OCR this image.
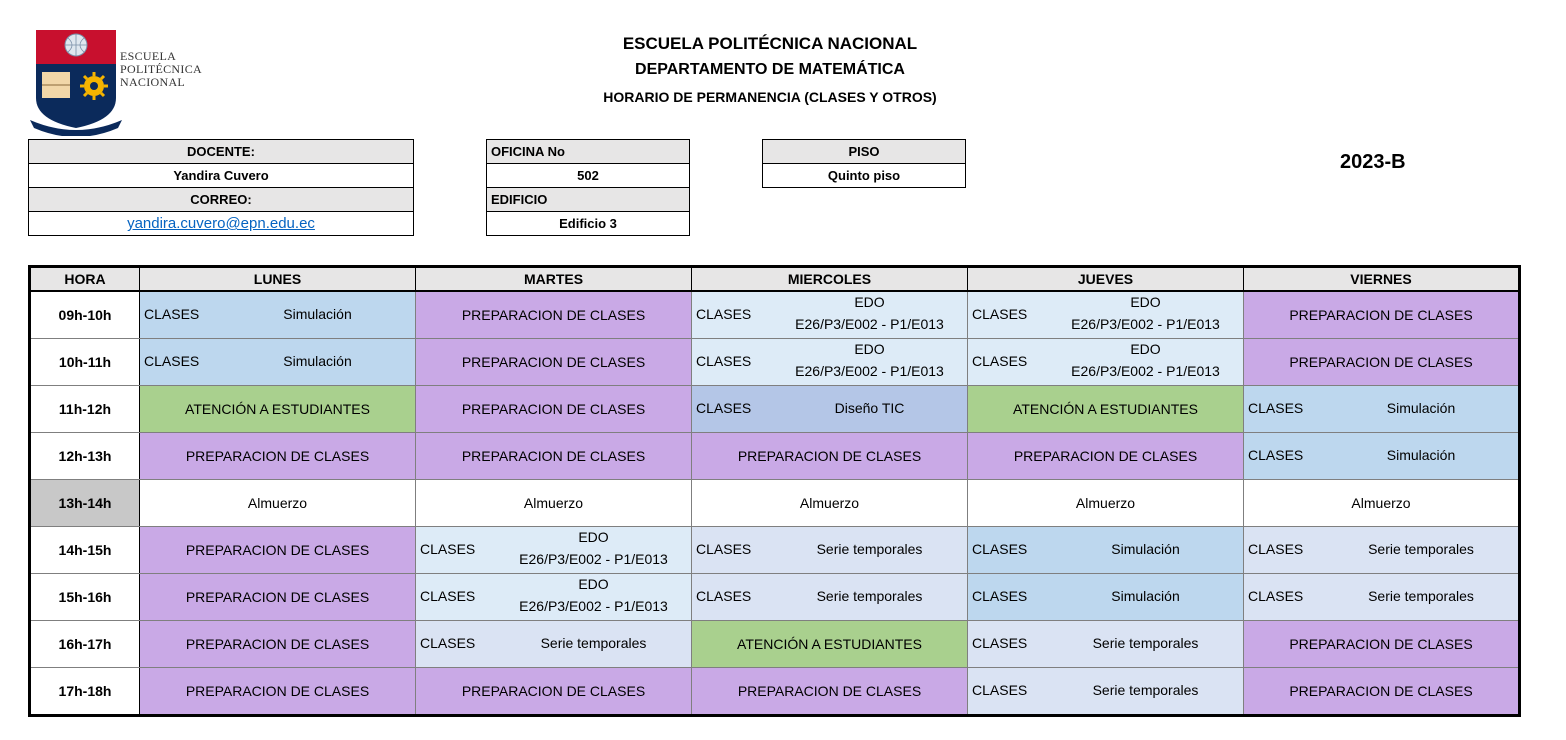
ESCUELA
POLITÉCNICA
NACIONAL
ESCUELA POLITÉCNICA NACIONAL
DEPARTAMENTO DE MATEMÁTICA
HORARIO DE PERMANENCIA (CLASES Y OTROS)
2023-B
DOCENTE:
Yandira Cuvero
CORREO:
yandira.cuvero@epn.edu.ec
OFICINA No
502
EDIFICIO
Edificio 3
PISO
Quinto piso
HORA	LUNES	MARTES	MIERCOLES	JUEVES	VIERNES
09h-10h	CLASES Simulación	PREPARACION DE CLASES	CLASES
EDO
E26/P3/E002 - P1/E013	CLASES
EDO
E26/P3/E002 - P1/E013	PREPARACION DE CLASES
10h-11h	CLASES Simulación	PREPARACION DE CLASES	CLASES
EDO
E26/P3/E002 - P1/E013	CLASES
EDO
E26/P3/E002 - P1/E013	PREPARACION DE CLASES
11h-12h	ATENCIÓN A ESTUDIANTES	PREPARACION DE CLASES	CLASES Diseño TIC	ATENCIÓN A ESTUDIANTES	CLASES Simulación

12h-13h	PREPARACION DE CLASES	PREPARACION DE CLASES	PREPARACION DE CLASES	PREPARACION DE CLASES	CLASES Simulación

13h-14h	Almuerzo	Almuerzo	Almuerzo	Almuerzo	Almuerzo
14h-15h	PREPARACION DE CLASES	CLASES
EDO
E26/P3/E002 - P1/E013	CLASES Serie temporales	CLASES Simulación	CLASES Serie temporales

15h-16h	PREPARACION DE CLASES	CLASES
EDO
E26/P3/E002 - P1/E013	CLASES Serie temporales	CLASES Simulación	CLASES Serie temporales

16h-17h	PREPARACION DE CLASES	CLASES Serie temporales	ATENCIÓN A ESTUDIANTES	CLASES Serie temporales	PREPARACION DE CLASES
17h-18h	PREPARACION DE CLASES	PREPARACION DE CLASES	PREPARACION DE CLASES	CLASES Serie temporales	PREPARACION DE CLASES
